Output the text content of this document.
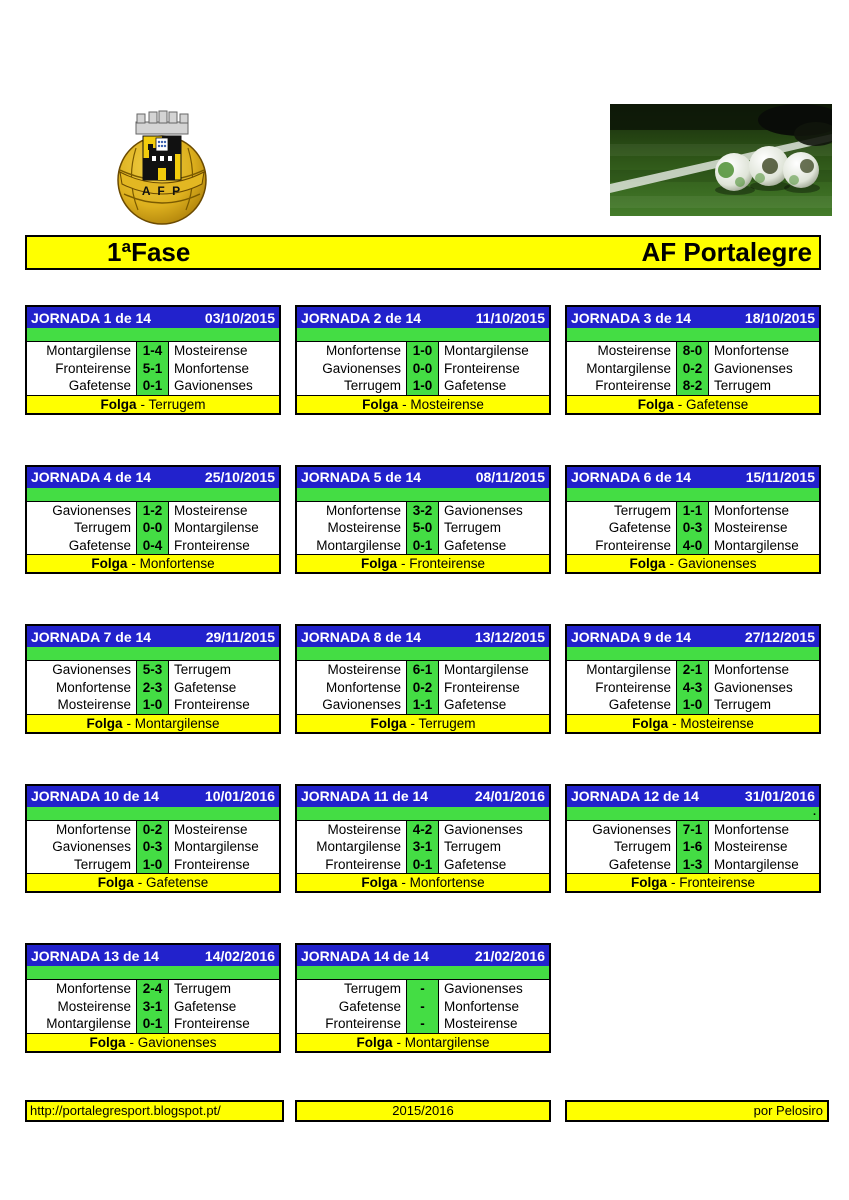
A F P
1ªFase	AF Portalegre
JORNADA 1 de 14	03/10/2015
Montargilense 1-4 Mosteirense
Fronteirense 5-1 Monfortense
Gafetense 0-1 Gavionenses
Folga - Terrugem
JORNADA 2 de 14	11/10/2015
Monfortense 1-0 Montargilense
Gavionenses 0-0 Fronteirense
Terrugem 1-0 Gafetense
Folga - Mosteirense
JORNADA 3 de 14	18/10/2015
Mosteirense 8-0 Monfortense
Montargilense 0-2 Gavionenses
Fronteirense 8-2 Terrugem
Folga - Gafetense
JORNADA 4 de 14	25/10/2015
Gavionenses 1-2 Mosteirense
Terrugem 0-0 Montargilense
Gafetense 0-4 Fronteirense
Folga - Monfortense
JORNADA 5 de 14	08/11/2015
Monfortense 3-2 Gavionenses
Mosteirense 5-0 Terrugem
Montargilense 0-1 Gafetense
Folga - Fronteirense
JORNADA 6 de 14	15/11/2015
Terrugem 1-1 Monfortense
Gafetense 0-3 Mosteirense
Fronteirense 4-0 Montargilense
Folga - Gavionenses
JORNADA 7 de 14	29/11/2015
Gavionenses 5-3 Terrugem
Monfortense 2-3 Gafetense
Mosteirense 1-0 Fronteirense
Folga - Montargilense
JORNADA 8 de 14	13/12/2015
Mosteirense 6-1 Montargilense
Monfortense 0-2 Fronteirense
Gavionenses 1-1 Gafetense
Folga - Terrugem
JORNADA 9 de 14	27/12/2015
Montargilense 2-1 Monfortense
Fronteirense 4-3 Gavionenses
Gafetense 1-0 Terrugem
Folga - Mosteirense
JORNADA 10 de 14	10/01/2016
Monfortense 0-2 Mosteirense
Gavionenses 0-3 Montargilense
Terrugem 1-0 Fronteirense
Folga - Gafetense
JORNADA 11 de 14	24/01/2016
Mosteirense 4-2 Gavionenses
Montargilense 3-1 Terrugem
Fronteirense 0-1 Gafetense
Folga - Monfortense
JORNADA 12 de 14	31/01/2016
.
Gavionenses 7-1 Monfortense
Terrugem 1-6 Mosteirense
Gafetense 1-3 Montargilense
Folga - Fronteirense
JORNADA 13 de 14	14/02/2016
Monfortense 2-4 Terrugem
Mosteirense 3-1 Gafetense
Montargilense 0-1 Fronteirense
Folga - Gavionenses
JORNADA 14 de 14	21/02/2016
Terrugem	-	Gavionenses
Gafetense	-	Monfortense
Fronteirense	-	Mosteirense
Folga - Montargilense
http://portalegresport.blogspot.pt/	2015/2016	por Pelosiro
